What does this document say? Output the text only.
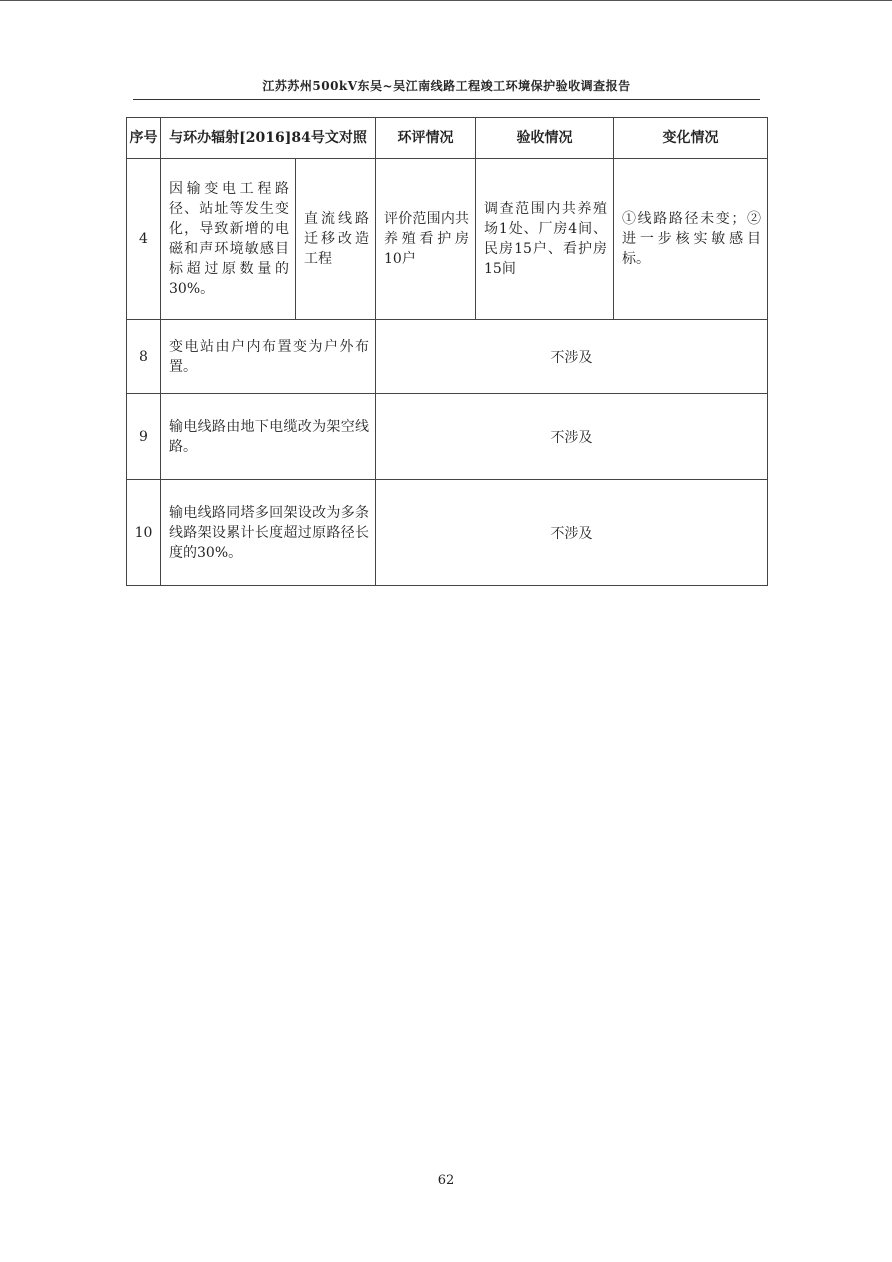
江苏苏州500kV东吴~吴江南线路工程竣工环境保护验收调查报告
序号	与环办辐射[2016]84号文对照		环评情况	验收情况	变化情况
4	因输变电工程路径、站址等发生变化，导致新增的电磁和声环境敏感目标超过原数量的30%。	直流线路迁移改造工程	评价范围内共养殖看护房10户	调查范围内共养殖场1处、厂房4间、民房15户、看护房15间	①线路路径未变；②进一步核实敏感目标。
8	变电站由户内布置变为户外布置。		不涉及		
9	输电线路由地下电缆改为架空线路。		不涉及		
10	输电线路同塔多回架设改为多条线路架设累计长度超过原路径长度的30%。		不涉及		
62
